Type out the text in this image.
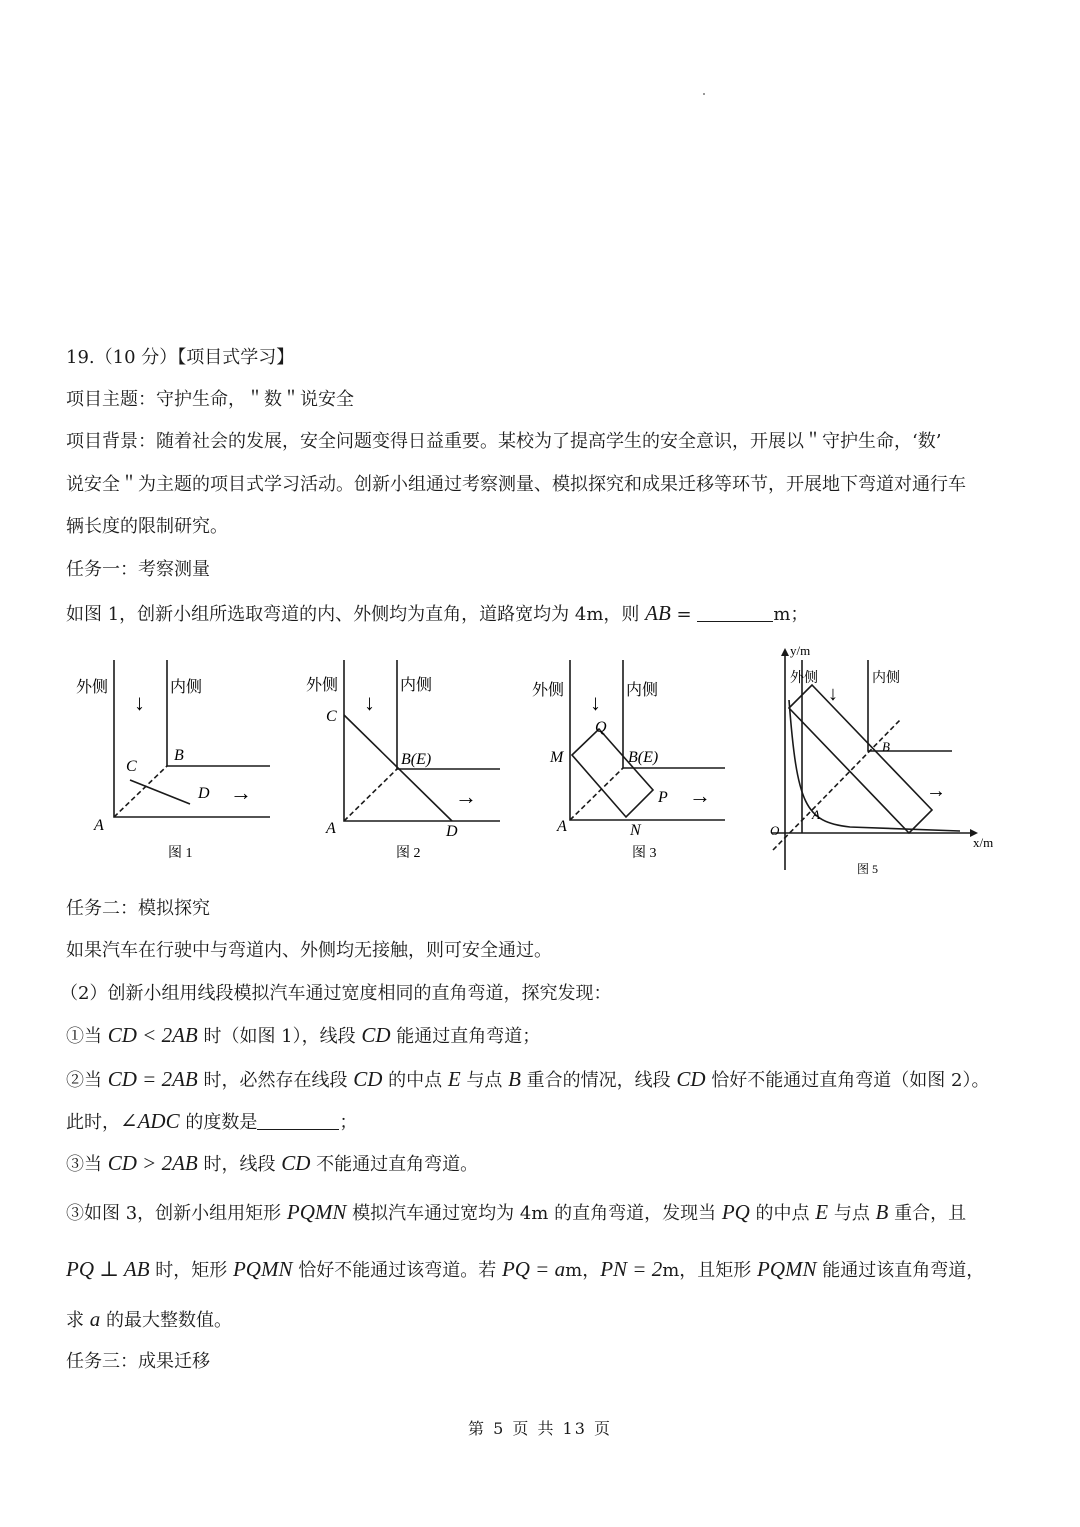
19.（10 分）【项目式学习】
项目主题：守护生命，＂数＂说安全
项目背景：随着社会的发展，安全问题变得日益重要。某校为了提高学生的安全意识，开展以＂守护生命，‘数’
说安全＂为主题的项目式学习活动。创新小组通过考察测量、模拟探究和成果迁移等环节，开展地下弯道对通行车
辆长度的限制研究。
任务一：考察测量
如图 1，创新小组所选取弯道的内、外侧均为直角，道路宽均为 4m，则 AB =	m；
外侧	内侧
↓
→
A
B
C
D
图 1
外侧	内侧
↓
→
C
B(E)
A	D
图 2
外侧	内侧
↓
→
Q
M	B(E)
P
A	N
图 3
y/m
x/m
外侧	内侧
↓
→
O
A
B
图 5
任务二：模拟探究
如果汽车在行驶中与弯道内、外侧均无接触，则可安全通过。
（2）创新小组用线段模拟汽车通过宽度相同的直角弯道，探究发现：
①当 CD < 2AB 时（如图 1），线段 CD 能通过直角弯道；
②当 CD = 2AB 时，必然存在线段 CD 的中点 E 与点 B 重合的情况，线段 CD 恰好不能通过直角弯道（如图 2）。
此时，∠ADC 的度数是	；
③当 CD > 2AB 时，线段 CD 不能通过直角弯道。
③如图 3，创新小组用矩形 PQMN 模拟汽车通过宽均为 4m 的直角弯道，发现当 PQ 的中点 E 与点 B 重合，且
PQ ⊥ AB 时，矩形 PQMN 恰好不能通过该弯道。若 PQ = am，PN = 2m，且矩形 PQMN 能通过该直角弯道，
求 a 的最大整数值。
任务三：成果迁移
第 5 页 共 13 页
